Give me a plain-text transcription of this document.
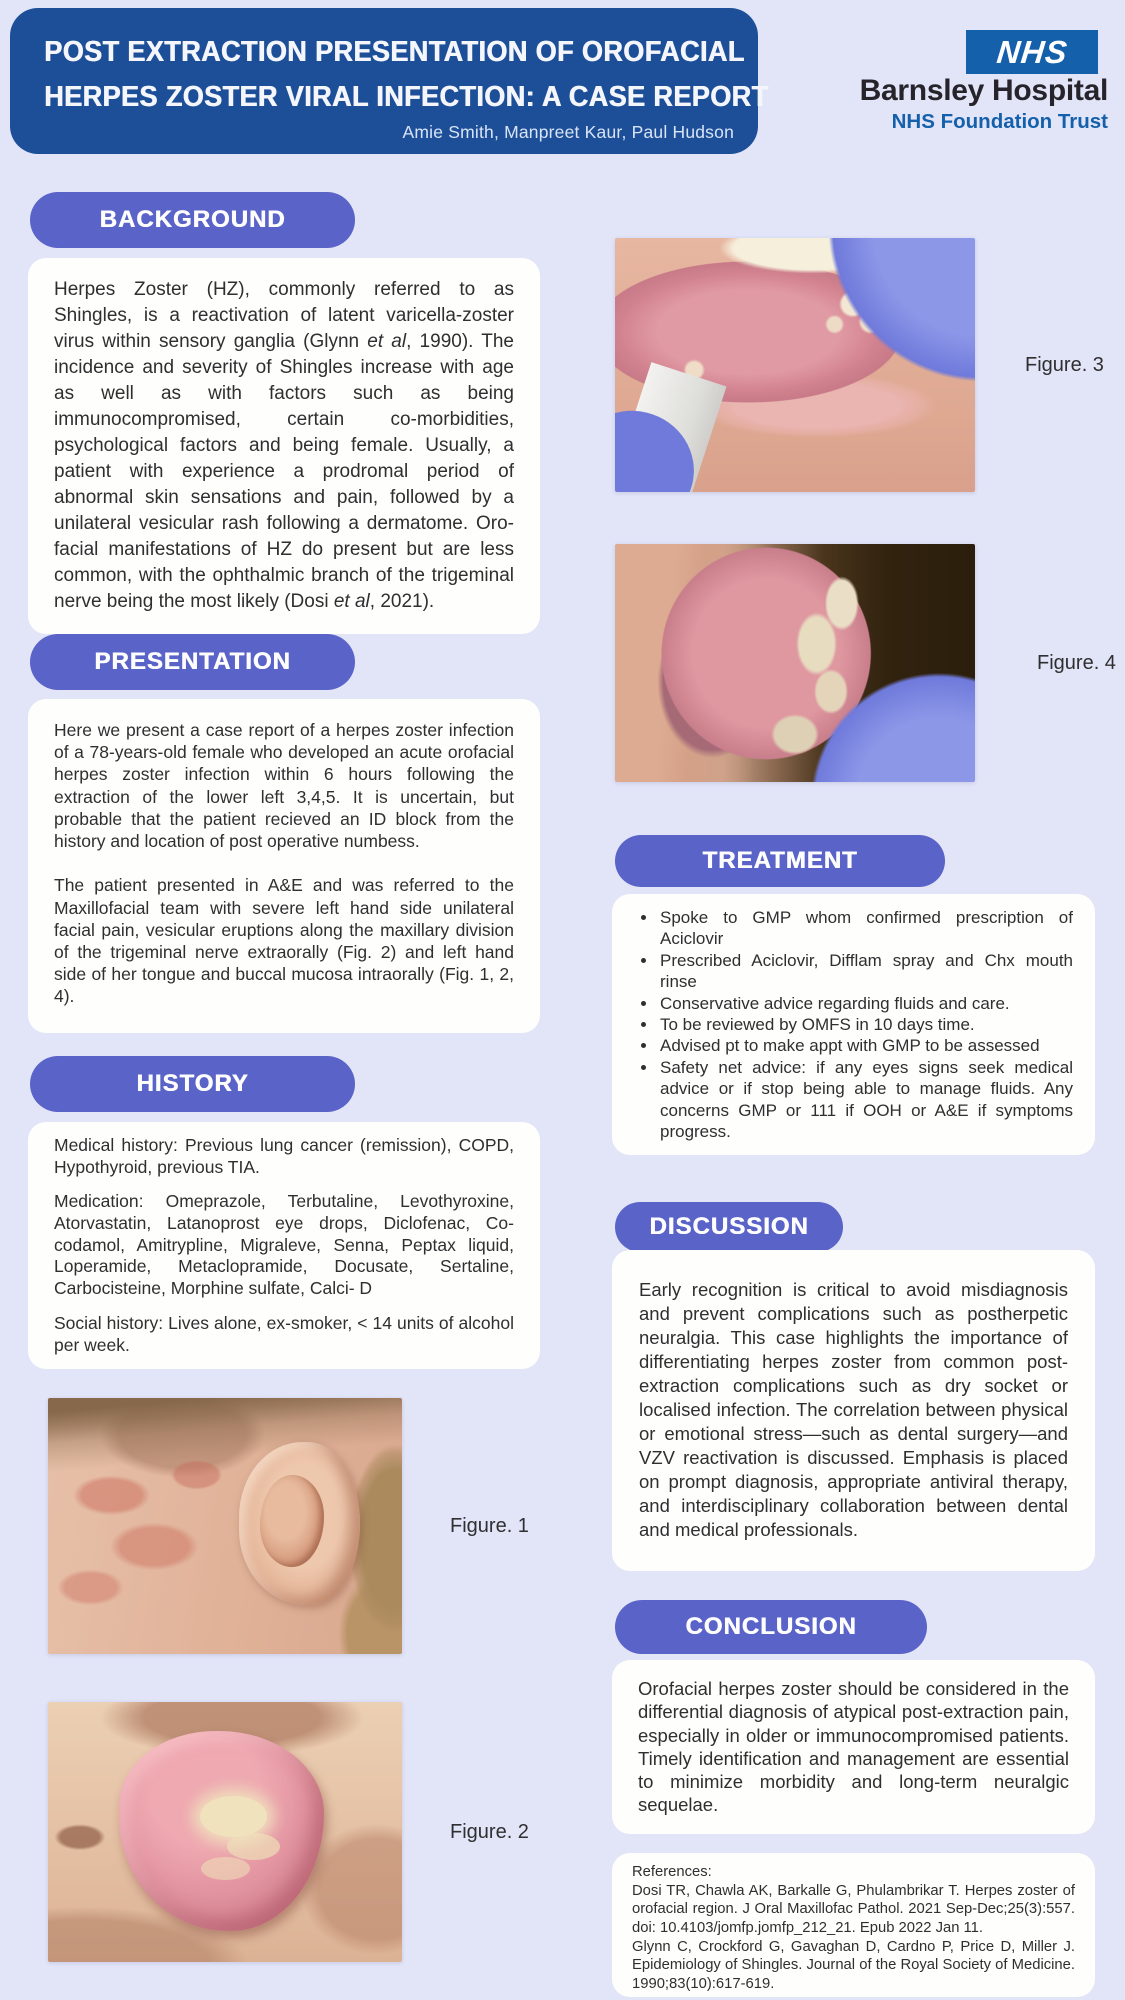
POST EXTRACTION PRESENTATION OF OROFACIAL
HERPES ZOSTER VIRAL INFECTION: A CASE REPORT
Amie Smith, Manpreet Kaur, Paul Hudson
NHS
Barnsley Hospital
NHS Foundation Trust
BACKGROUND

Herpes Zoster (HZ), commonly referred to as Shingles, is a reactivation of latent varicella-zoster virus within sensory ganglia (Glynn et al, 1990). The incidence and severity of Shingles increase with age as well as with factors such as being immunocompromised, certain co-morbidities, psychological factors and being female. Usually, a patient with experience a prodromal period of abnormal skin sensations and pain, followed by a unilateral vesicular rash following a dermatome. Oro-facial manifestations of HZ do present but are less common, with the ophthalmic branch of the trigeminal nerve being the most likely (Dosi et al, 2021).

PRESENTATION

Here we present a case report of a herpes zoster infection of a 78-years-old female who developed an acute orofacial herpes zoster infection within 6 hours following the extraction of the lower left 3,4,5. It is uncertain, but probable that the patient recieved an ID block from the history and location of post operative numbess.

The patient presented in A&E and was referred to the Maxillofacial team with severe left hand side unilateral facial pain, vesicular eruptions along the maxillary division of the trigeminal nerve extraorally (Fig. 2) and left hand side of her tongue and buccal mucosa intraorally (Fig. 1, 2, 4).

HISTORY

Medical history: Previous lung cancer (remission), COPD, Hypothyroid, previous TIA.

Medication: Omeprazole, Terbutaline, Levothyroxine, Atorvastatin, Latanoprost eye drops, Diclofenac, Co-codamol, Amitrypline, Migraleve, Senna, Peptax liquid, Loperamide, Metaclopramide, Docusate, Sertaline, Carbocisteine, Morphine sulfate, Calci- D

Social history: Lives alone, ex-smoker, < 14 units of alcohol per week.

Figure. 1
Figure. 2
Figure. 3
Figure. 4
TREATMENT
• Spoke to GMP whom confirmed prescription of Aciclovir
• Prescribed Aciclovir, Difflam spray and Chx mouth rinse
• Conservative advice regarding fluids and care.
• To be reviewed by OMFS in 10 days time.
• Advised pt to make appt with GMP to be assessed
• Safety net advice: if any eyes signs seek medical advice or if stop being able to manage fluids. Any concerns GMP or 111 if OOH or A&E if symptoms progress.
DISCUSSION

Early recognition is critical to avoid misdiagnosis and prevent complications such as postherpetic neuralgia. This case highlights the importance of differentiating herpes zoster from common post-extraction complications such as dry socket or localised infection. The correlation between physical or emotional stress—such as dental surgery—and VZV reactivation is discussed. Emphasis is placed on prompt diagnosis, appropriate antiviral therapy, and interdisciplinary collaboration between dental and medical professionals.

CONCLUSION

Orofacial herpes zoster should be considered in the differential diagnosis of atypical post-extraction pain, especially in older or immunocompromised patients. Timely identification and management are essential to minimize morbidity and long-term neuralgic sequelae.

References:

Dosi TR, Chawla AK, Barkalle G, Phulambrikar T. Herpes zoster of orofacial region. J Oral Maxillofac Pathol. 2021 Sep-Dec;25(3):557. doi: 10.4103/jomfp.jomfp_212_21. Epub 2022 Jan 11.

Glynn C, Crockford G, Gavaghan D, Cardno P, Price D, Miller J. Epidemiology of Shingles. Journal of the Royal Society of Medicine. 1990;83(10):617-619.
